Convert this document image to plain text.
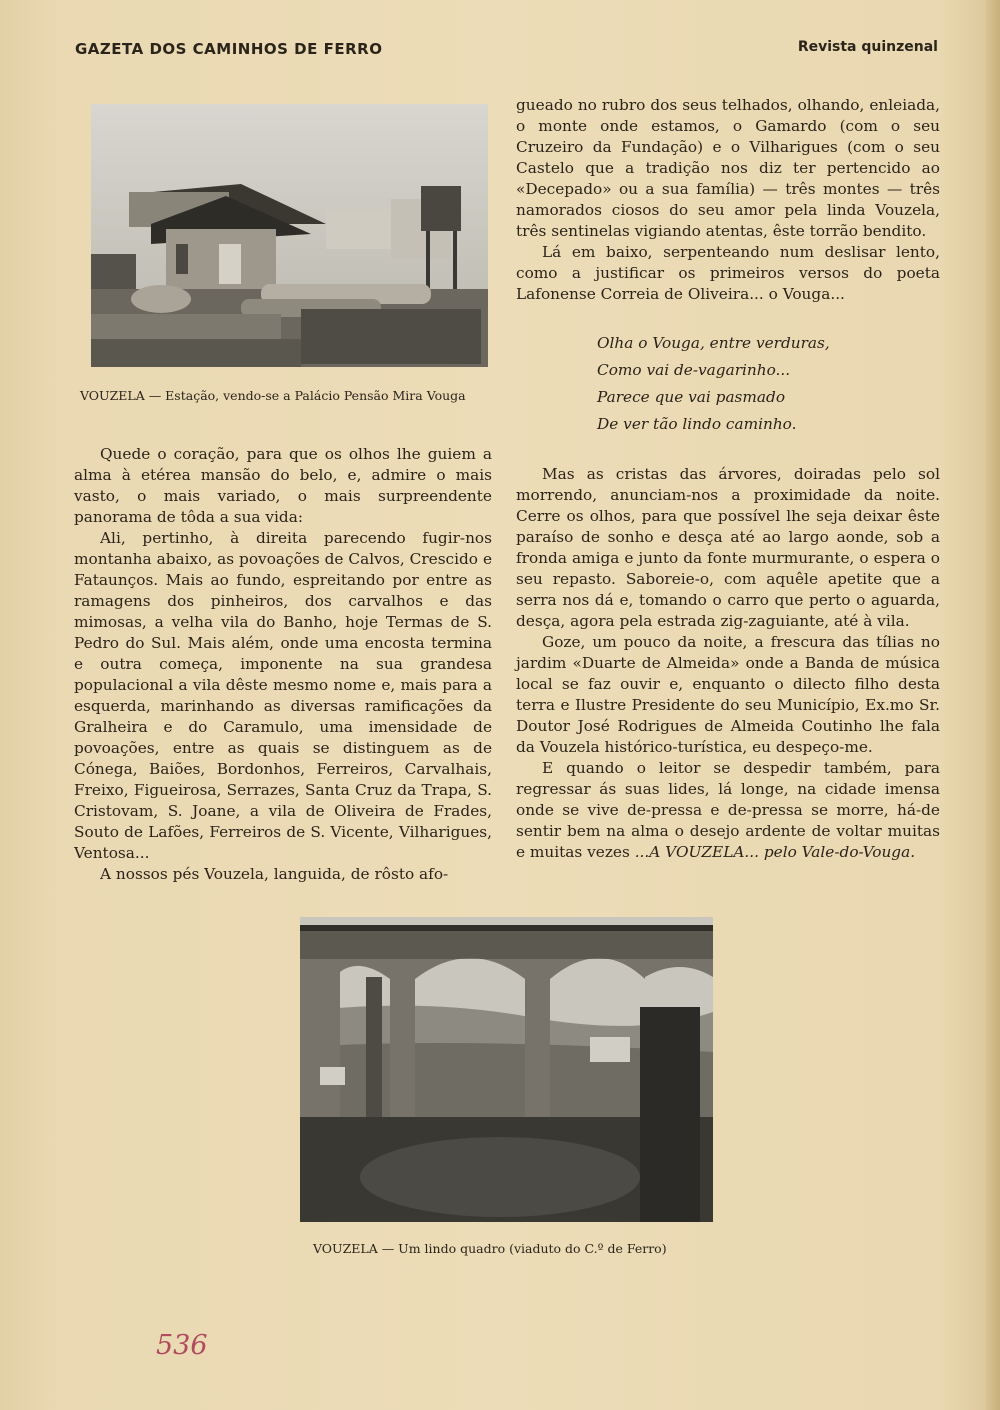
GAZETA DOS CAMINHOS DE FERRO	Revista quinzenal
VOUZELA — Estação, vendo-se a Palácio Pensão Mira Vouga

Quede o coração, para que os olhos lhe guiem a alma à etérea mansão do belo, e, admire o mais vasto, o mais variado, o mais surpreendente panorama de tôda a sua vida:

Ali, pertinho, à direita parecendo fugir-nos montanha abaixo, as povoações de Calvos, Crescido e Fataunços. Mais ao fundo, espreitando por entre as ramagens dos pinheiros, dos carvalhos e das mimosas, a velha vila do Banho, hoje Termas de S. Pedro do Sul. Mais além, onde uma encosta termina e outra começa, imponente na sua grandesa populacional a vila dêste mesmo nome e, mais para a esquerda, marinhando as diversas ramificações da Gralheira e do Caramulo, uma imensidade de povoações, entre as quais se distinguem as de Cónega, Baiões, Bordonhos, Ferreiros, Carvalhais, Freixo, Figueirosa, Serrazes, Santa Cruz da Trapa, S. Cristovam, S. Joane, a vila de Oliveira de Frades, Souto de Lafões, Ferreiros de S. Vicente, Vilharigues, Ventosa...

A nossos pés Vouzela, languida, de rôsto afo-

gueado no rubro dos seus telhados, olhando, enleiada, o monte onde estamos, o Gamardo (com o seu Cruzeiro da Fundação) e o Vilharigues (com o seu Castelo que a tradição nos diz ter pertencido ao «Decepado» ou a sua família) — três montes — três namorados ciosos do seu amor pela linda Vouzela, três sentinelas vigiando atentas, êste torrão bendito.

Lá em baixo, serpenteando num deslisar lento, como a justificar os primeiros versos do poeta Lafonense Correia de Oliveira... o Vouga...

Olha o Vouga, entre verduras,
Como vai de-vagarinho...
Parece que vai pasmado
De ver tão lindo caminho.

Mas as cristas das árvores, doiradas pelo sol morrendo, anunciam-nos a proximidade da noite. Cerre os olhos, para que possível lhe seja deixar êste paraíso de sonho e desça até ao largo aonde, sob a fronda amiga e junto da fonte murmurante, o espera o seu repasto. Saboreie-o, com aquêle apetite que a serra nos dá e, tomando o carro que perto o aguarda, desça, agora pela estrada zig-zaguiante, até à vila.

Goze, um pouco da noite, a frescura das tílias no jardim «Duarte de Almeida» onde a Banda de música local se faz ouvir e, enquanto o dilecto filho desta terra e Ilustre Presidente do seu Município, Ex.mo Sr. Doutor José Rodrigues de Almeida Coutinho lhe fala da Vouzela histórico-turística, eu despeço-me.

E quando o leitor se despedir também, para regressar ás suas lides, lá longe, na cidade imensa onde se vive de-pressa e de-pressa se morre, há-de sentir bem na alma o desejo ardente de voltar muitas e muitas vezes ...A VOUZELA... pelo Vale-do-Vouga.

VOUZELA — Um lindo quadro (viaduto do C.º de Ferro)
536
